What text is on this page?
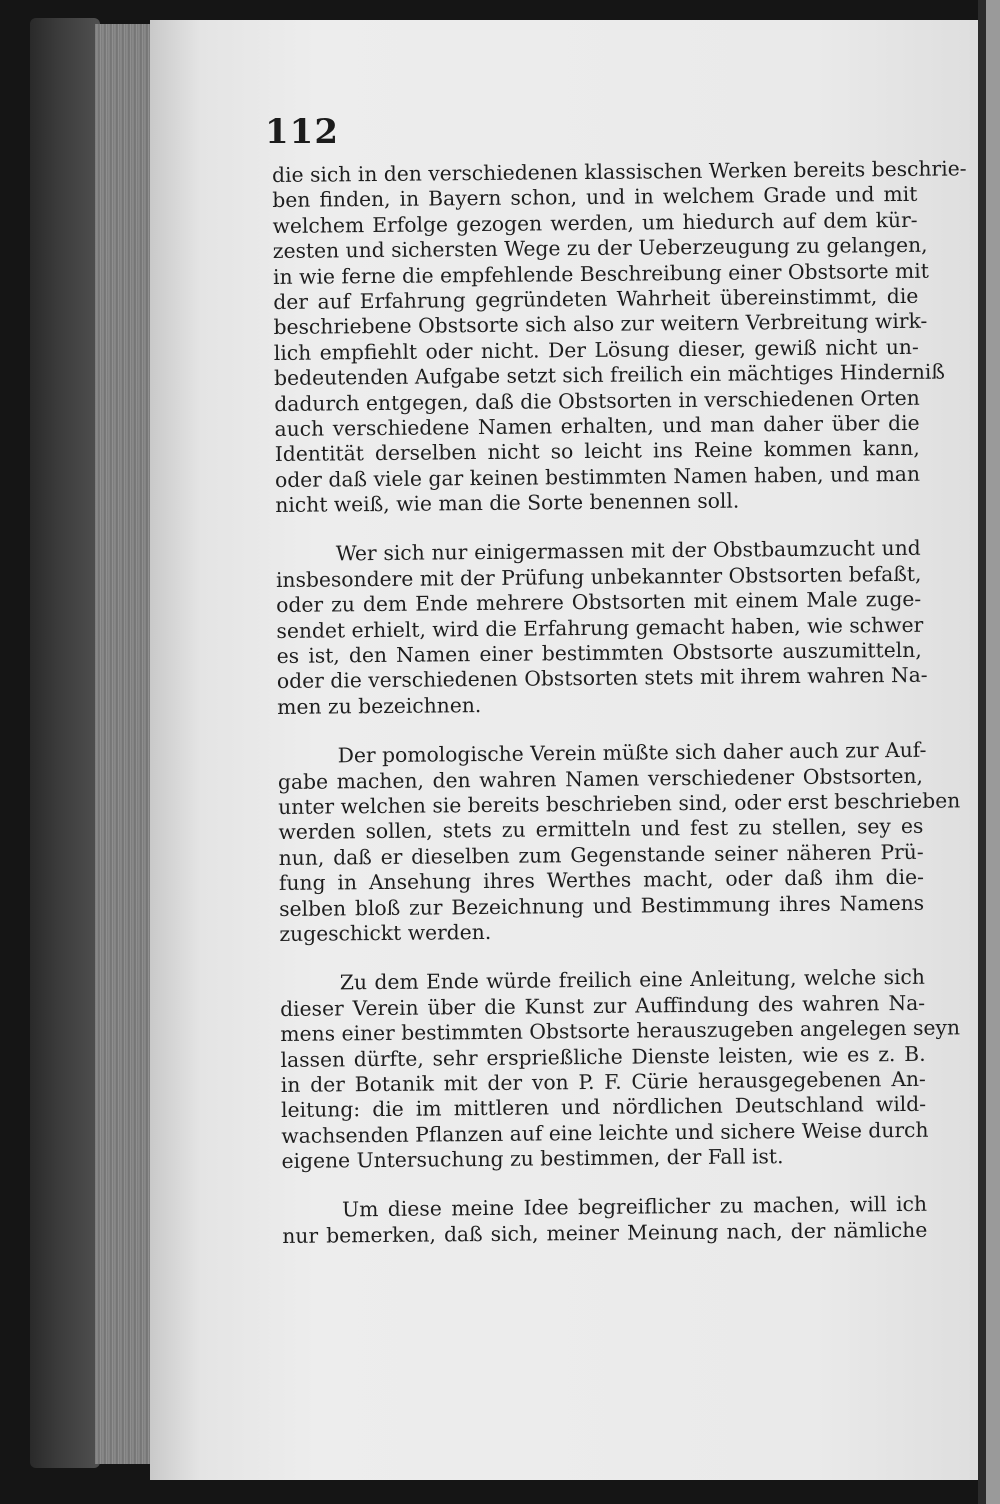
112
die sich in den verschiedenen klassischen Werken bereits beschrie-
ben finden, in Bayern schon, und in welchem Grade und mit
welchem Erfolge gezogen werden, um hiedurch auf dem kür-
zesten und sichersten Wege zu der Ueberzeugung zu gelangen,
in wie ferne die empfehlende Beschreibung einer Obstsorte mit
der auf Erfahrung gegründeten Wahrheit übereinstimmt, die
beschriebene Obstsorte sich also zur weitern Verbreitung wirk-
lich empfiehlt oder nicht. Der Lösung dieser, gewiß nicht un-
bedeutenden Aufgabe setzt sich freilich ein mächtiges Hinderniß
dadurch entgegen, daß die Obstsorten in verschiedenen Orten
auch verschiedene Namen erhalten, und man daher über die
Identität derselben nicht so leicht ins Reine kommen kann,
oder daß viele gar keinen bestimmten Namen haben, und man
nicht weiß, wie man die Sorte benennen soll.
Wer sich nur einigermassen mit der Obstbaumzucht und
insbesondere mit der Prüfung unbekannter Obstsorten befaßt,
oder zu dem Ende mehrere Obstsorten mit einem Male zuge-
sendet erhielt, wird die Erfahrung gemacht haben, wie schwer
es ist, den Namen einer bestimmten Obstsorte auszumitteln,
oder die verschiedenen Obstsorten stets mit ihrem wahren Na-
men zu bezeichnen.
Der pomologische Verein müßte sich daher auch zur Auf-
gabe machen, den wahren Namen verschiedener Obstsorten,
unter welchen sie bereits beschrieben sind, oder erst beschrieben
werden sollen, stets zu ermitteln und fest zu stellen, sey es
nun, daß er dieselben zum Gegenstande seiner näheren Prü-
fung in Ansehung ihres Werthes macht, oder daß ihm die-
selben bloß zur Bezeichnung und Bestimmung ihres Namens
zugeschickt werden.
Zu dem Ende würde freilich eine Anleitung, welche sich
dieser Verein über die Kunst zur Auffindung des wahren Na-
mens einer bestimmten Obstsorte herauszugeben angelegen seyn
lassen dürfte, sehr ersprießliche Dienste leisten, wie es z. B.
in der Botanik mit der von P. F. Cürie herausgegebenen An-
leitung: die im mittleren und nördlichen Deutschland wild-
wachsenden Pflanzen auf eine leichte und sichere Weise durch
eigene Untersuchung zu bestimmen, der Fall ist.
Um diese meine Idee begreiflicher zu machen, will ich
nur bemerken, daß sich, meiner Meinung nach, der nämliche
